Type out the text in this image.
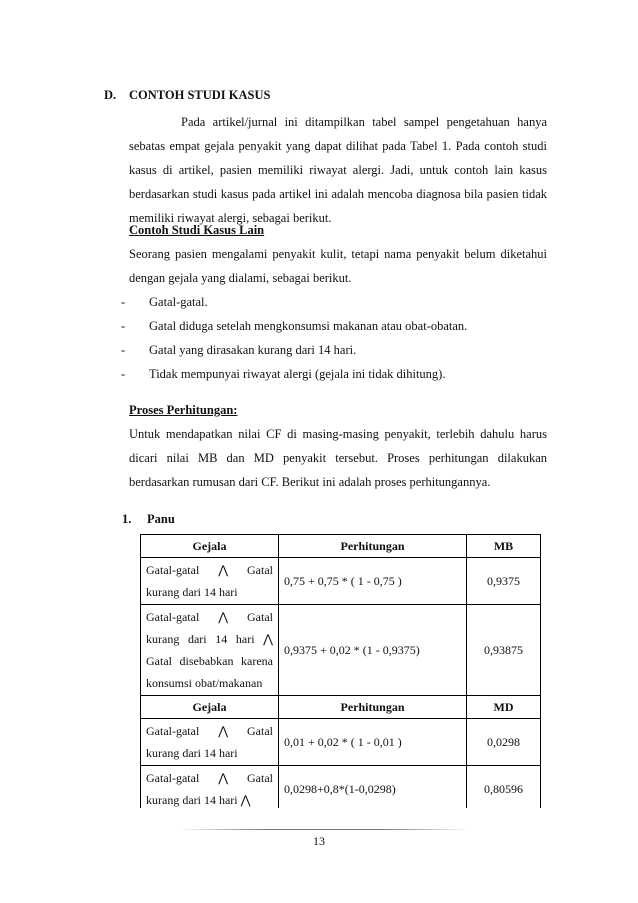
D. CONTOH STUDI KASUS

Pada artikel/jurnal ini ditampilkan tabel sampel pengetahuan hanya sebatas empat gejala penyakit yang dapat dilihat pada Tabel 1. Pada contoh studi kasus di artikel, pasien memiliki riwayat alergi. Jadi, untuk contoh lain kasus berdasarkan studi kasus pada artikel ini adalah mencoba diagnosa bila pasien tidak memiliki riwayat alergi, sebagai berikut.

Contoh Studi Kasus Lain

Seorang pasien mengalami penyakit kulit, tetapi nama penyakit belum diketahui dengan gejala yang dialami, sebagai berikut.

- Gatal-gatal.
- Gatal diduga setelah mengkonsumsi makanan atau obat-obatan.
- Gatal yang dirasakan kurang dari 14 hari.
- Tidak mempunyai riwayat alergi (gejala ini tidak dihitung).
Proses Perhitungan:

Untuk mendapatkan nilai CF di masing-masing penyakit, terlebih dahulu harus dicari nilai MB dan MD penyakit tersebut. Proses perhitungan dilakukan berdasarkan rumusan dari CF. Berikut ini adalah proses perhitungannya.

1. Panu
Gejala	Perhitungan	MB
Gatal-gatal ⋀ Gatal kurang dari 14 hari	0,75 + 0,75 * ( 1 - 0,75 )	0,9375
Gatal-gatal ⋀ Gatal kurang dari 14 hari ⋀ Gatal disebabkan karena konsumsi obat/makanan	0,9375 + 0,02 * (1 - 0,9375)	0,93875
Gejala	Perhitungan	MD
Gatal-gatal ⋀ Gatal kurang dari 14 hari	0,01 + 0,02 * ( 1 - 0,01 )	0,0298
Gatal-gatal ⋀ Gatal kurang dari 14 hari ⋀	0,0298+0,8*(1-0,0298)	0,80596
13
